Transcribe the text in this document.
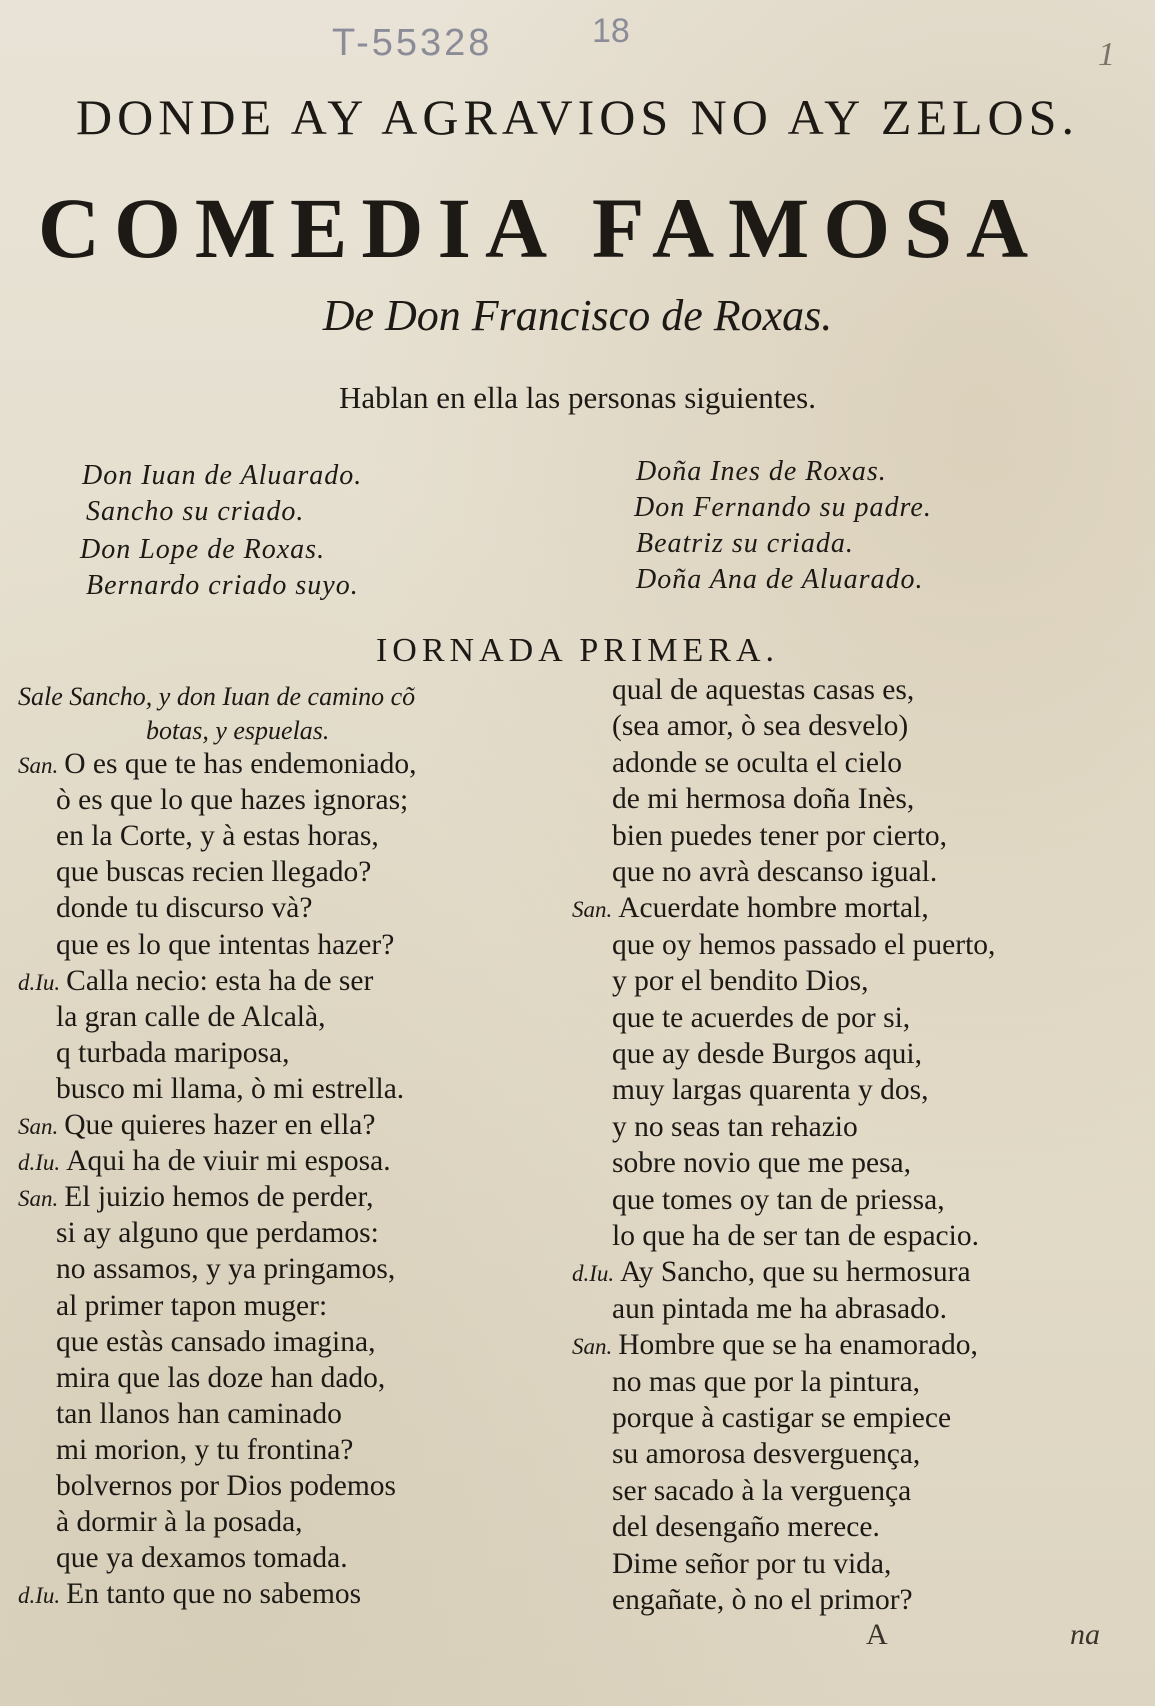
T-55328	18
1
DONDE AY AGRAVIOS NO AY ZELOS.
COMEDIA FAMOSA
De Don Francisco de Roxas.
Hablan en ella las personas siguientes.
Don Iuan de Aluarado.
Sancho su criado.
Don Lope de Roxas.
Bernardo criado suyo.
Doña Ines de Roxas.
Don Fernando su padre.
Beatriz su criada.
Doña Ana de Aluarado.
IORNADA PRIMERA.
Sale Sancho, y don Iuan de camino cõ
botas, y espuelas.
San. O es que te has endemoniado,
ò es que lo que hazes ignoras;
en la Corte, y à estas horas,
que buscas recien llegado?
donde tu discurso và?
que es lo que intentas hazer?
d.Iu. Calla necio: esta ha de ser
la gran calle de Alcalà,
q turbada mariposa,
busco mi llama, ò mi estrella.
San. Que quieres hazer en ella?
d.Iu. Aqui ha de viuir mi esposa.
San. El juizio hemos de perder,
si ay alguno que perdamos:
no assamos, y ya pringamos,
al primer tapon muger:
que estàs cansado imagina,
mira que las doze han dado,
tan llanos han caminado
mi morion, y tu frontina?
bolvernos por Dios podemos
à dormir à la posada,
que ya dexamos tomada.
d.Iu. En tanto que no sabemos
qual de aquestas casas es,
(sea amor, ò sea desvelo)
adonde se oculta el cielo
de mi hermosa doña Inès,
bien puedes tener por cierto,
que no avrà descanso igual.
San. Acuerdate hombre mortal,
que oy hemos passado el puerto,
y por el bendito Dios,
que te acuerdes de por si,
que ay desde Burgos aqui,
muy largas quarenta y dos,
y no seas tan rehazio
sobre novio que me pesa,
que tomes oy tan de priessa,
lo que ha de ser tan de espacio.
d.Iu. Ay Sancho, que su hermosura
aun pintada me ha abrasado.
San. Hombre que se ha enamorado,
no mas que por la pintura,
porque à castigar se empiece
su amorosa desverguença,
ser sacado à la verguença
del desengaño merece.
Dime señor por tu vida,
engañate, ò no el primor?
A	na
